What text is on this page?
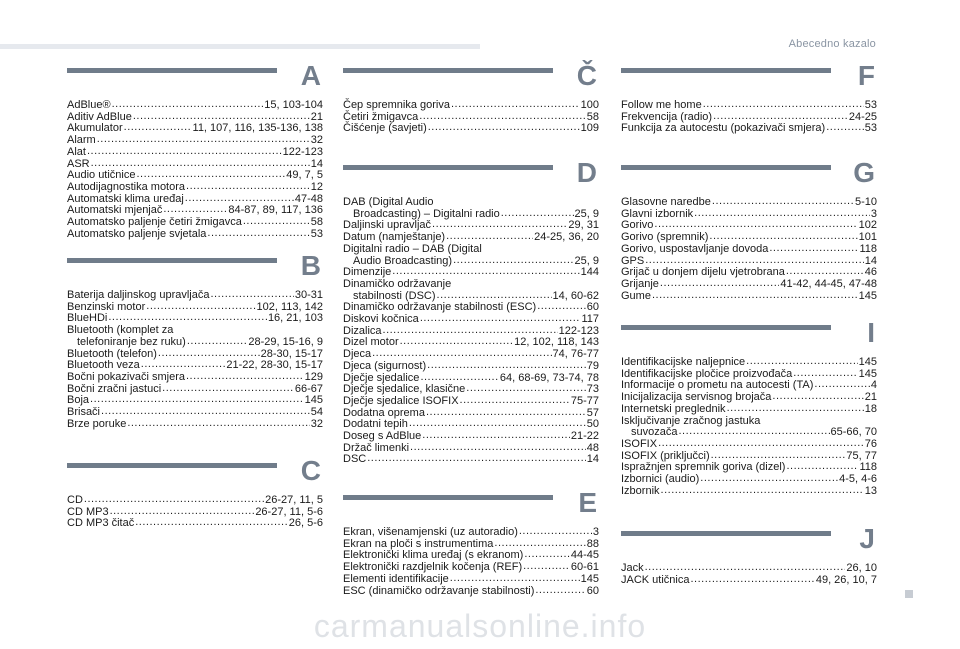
Abecedno kazalo
A
AdBlue® .....	15, 103-104
Aditiv AdBlue .....	21
Akumulator .....	11, 107, 116, 135-136, 138
Alarm .....	32
Alat .....	122-123
ASR .....	14
Audio utičnice .....	49, 7, 5
Autodijagnostika motora .....	12
Automatski klima uređaj .....	47-48
Automatski mjenjač .....	84-87, 89, 117, 136
Automatsko paljenje četiri žmigavca .....	58
Automatsko paljenje svjetala .....	53
B
Baterija daljinskog upravljača .....	30-31
Benzinski motor .....	102, 113, 142
BlueHDi .....	16, 21, 103
Bluetooth (komplet za
telefoniranje bez ruku) .....	28-29, 15-16, 9
Bluetooth (telefon) .....	28-30, 15-17
Bluetooth veza .....	21-22, 28-30, 15-17
Bočni pokazivači smjera .....	129
Bočni zračni jastuci .....	66-67
Boja .....	145
Brisači .....	54
Brze poruke .....	32
C
CD .....	26-27, 11, 5
CD MP3 .....	26-27, 11, 5-6
CD MP3 čitač .....	26, 5-6
Č
Čep spremnika goriva .....	100
Četiri žmigavca .....	58
Čišćenje (savjeti) .....	109
D
DAB (Digital Audio
Broadcasting) – Digitalni radio .....	25, 9
Daljinski upravljač .....	29, 31
Datum (namještanje) .....	24-25, 36, 20
Digitalni radio – DAB (Digital
Audio Broadcasting) .....	25, 9
Dimenzije .....	144
Dinamičko održavanje
stabilnosti (DSC) .....	14, 60-62
Dinamičko održavanje stabilnosti (ESC) .....	60
Diskovi kočnica .....	117
Dizalica .....	122-123
Dizel motor .....	12, 102, 118, 143
Djeca .....	74, 76-77
Djeca (sigurnost) .....	79
Dječje sjedalice .....	64, 68-69, 73-74, 78
Dječje sjedalice, klasične .....	73
Dječje sjedalice ISOFIX .....	75-77
Dodatna oprema .....	57
Dodatni tepih .....	50
Doseg s AdBlue .....	21-22
Držač limenki .....	48
DSC .....	14
E
Ekran, višenamjenski (uz autoradio) .....	3
Ekran na ploči s instrumentima .....	88
Elektronički klima uređaj (s ekranom) .....	44-45
Elektronički razdjelnik kočenja (REF) .....	60-61
Elementi identifikacije .....	145
ESC (dinamičko održavanje stabilnosti) .....	60
F
Follow me home .....	53
Frekvencija (radio) .....	24-25
Funkcija za autocestu (pokazivači smjera) .....	53
G
Glasovne naredbe .....	5-10
Glavni izbornik .....	3
Gorivo .....	102
Gorivo (spremnik) .....	101
Gorivo, uspostavljanje dovoda .....	118
GPS .....	14
Grijač u donjem dijelu vjetrobrana .....	46
Grijanje .....	41-42, 44-45, 47-48
Gume .....	145
I
Identifikacijske naljepnice .....	145
Identifikacijske pločice proizvođača .....	145
Informacije o prometu na autocesti (TA) .....	4
Inicijalizacija servisnog brojača .....	21
Internetski preglednik .....	18
Isključivanje zračnog jastuka
suvozača .....	65-66, 70
ISOFIX .....	76
ISOFIX (priključci) .....	75, 77
Ispražnjen spremnik goriva (dizel) .....	118
Izbornici (audio) .....	4-5, 4-6
Izbornik .....	13
J
Jack .....	26, 10
JACK utičnica .....	49, 26, 10, 7
carmanualsonline.info
